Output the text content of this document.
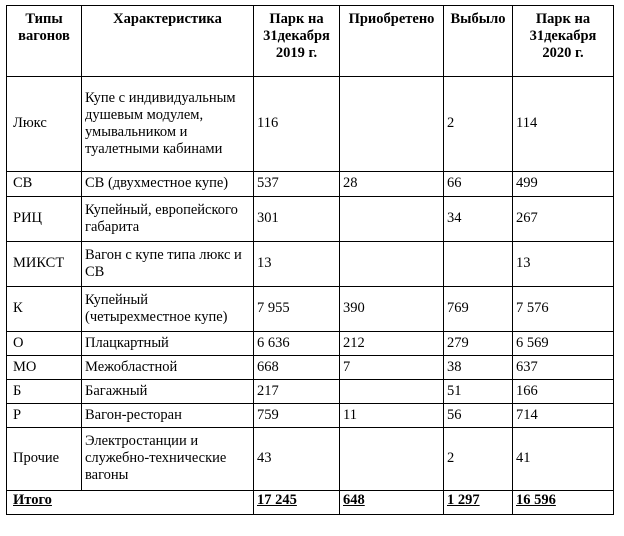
Типы вагонов	Характеристика	Парк на 31декабря 2019 г.	Приобретено	Выбыло	Парк на 31декабря 2020 г.
Люкс	Купе с индивидуальным душевым модулем, умывальником и туалетными кабинами	116		2	114
СВ	СВ (двухместное купе)	537	28	66	499
РИЦ	Купейный, европейского габарита	301		34	267
МИКСТ	Вагон с купе типа люкс и СВ	13			13
К	Купейный (четырехместное купе)	7 955	390	769	7 576
О	Плацкартный	6 636	212	279	6 569
МО	Межобластной	668	7	38	637
Б	Багажный	217		51	166
Р	Вагон-ресторан	759	11	56	714
Прочие	Электростанции и служебно-технические вагоны	43		2	41
Итого		17 245	648	1 297	16 596
